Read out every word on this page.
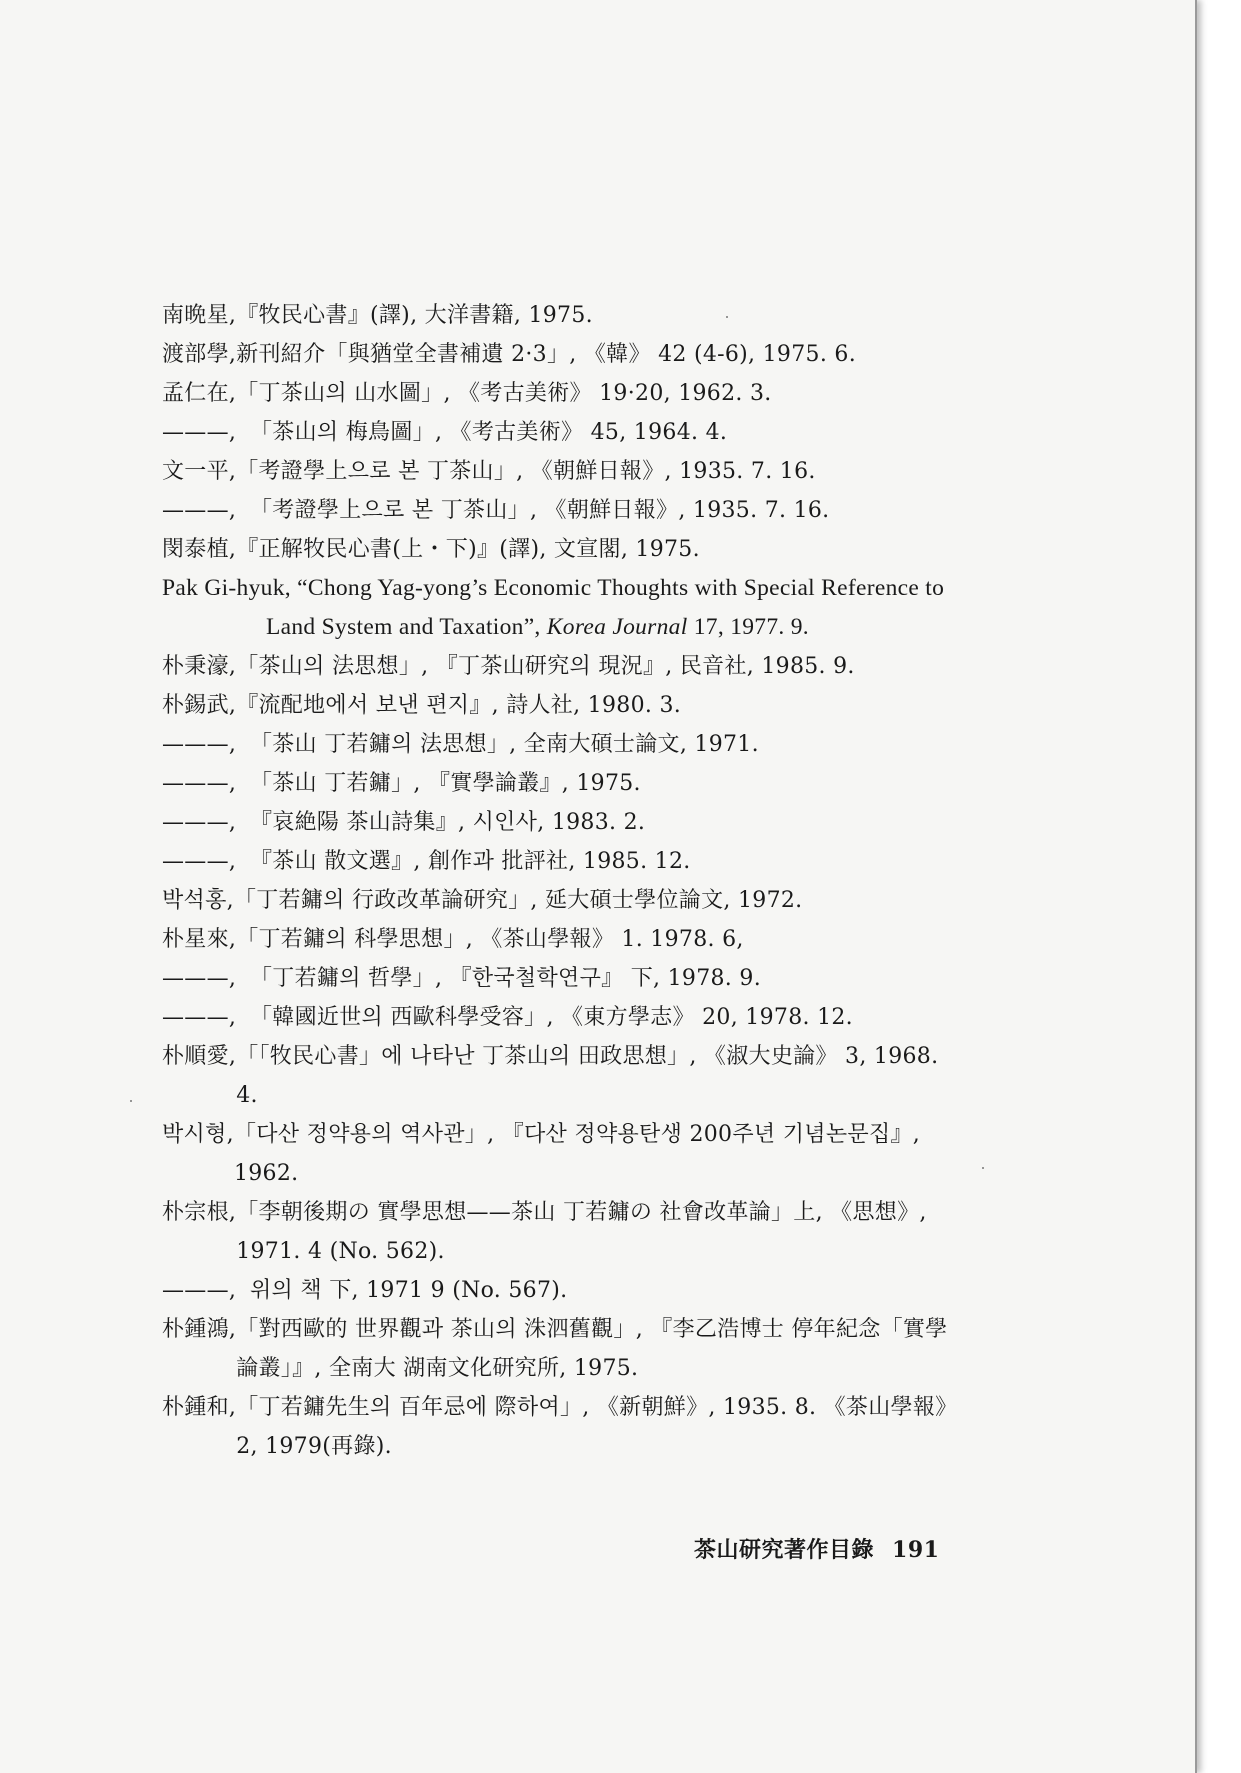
南晩星, 『牧民心書』(譯), 大洋書籍, 1975.
渡部學, 新刊紹介「與猶堂全書補遺 2·3」, 《韓》 42 (4-6), 1975. 6.
孟仁在, 「丁茶山의 山水圖」, 《考古美術》 19·20, 1962. 3.
———, 「茶山의 梅鳥圖」, 《考古美術》 45, 1964. 4.
文一平, 「考證學上으로 본 丁茶山」, 《朝鮮日報》, 1935. 7. 16.
———, 「考證學上으로 본 丁茶山」, 《朝鮮日報》, 1935. 7. 16.
閔泰植, 『正解牧民心書(上・下)』(譯), 文宣閣, 1975.
Pak Gi-hyuk, “Chong Yag-yong’s Economic Thoughts with Special Reference to Land System and Taxation”, Korea Journal 17, 1977. 9.
朴秉濠, 「茶山의 法思想」, 『丁茶山研究의 現況』, 民音社, 1985. 9.
朴錫武, 『流配地에서 보낸 편지』, 詩人社, 1980. 3.
———, 「茶山 丁若鏞의 法思想」, 全南大碩士論文, 1971.
———, 「茶山 丁若鏞」, 『實學論叢』, 1975.
———, 『哀絶陽 茶山詩集』, 시인사, 1983. 2.
———, 『茶山 散文選』, 創作과 批評社, 1985. 12.
박석홍, 「丁若鏞의 行政改革論研究」, 延大碩士學位論文, 1972.
朴星來, 「丁若鏞의 科學思想」, 《茶山學報》 1. 1978. 6,
———, 「丁若鏞의 哲學」, 『한국철학연구』 下, 1978. 9.
———, 「韓國近世의 西歐科學受容」, 《東方學志》 20, 1978. 12.
朴順愛, 「「牧民心書」에 나타난 丁茶山의 田政思想」, 《淑大史論》 3, 1968. 4.
박시형, 「다산 정약용의 역사관」, 『다산 정약용탄생 200주년 기념논문집』, 1962.
朴宗根, 「李朝後期の 實學思想——茶山 丁若鏞の 社會改革論」上, 《思想》, 1971. 4 (No. 562).
———, 위의 책 下, 1971 9 (No. 567).
朴鍾鴻, 「對西歐的 世界觀과 茶山의 洙泗舊觀」, 『李乙浩博士 停年紀念「實學論叢」』, 全南大 湖南文化研究所, 1975.
朴鍾和, 「丁若鏞先生의 百年忌에 際하여」, 《新朝鮮》, 1935. 8. 《茶山學報》 2, 1979(再錄).
茶山研究著作目錄 191
